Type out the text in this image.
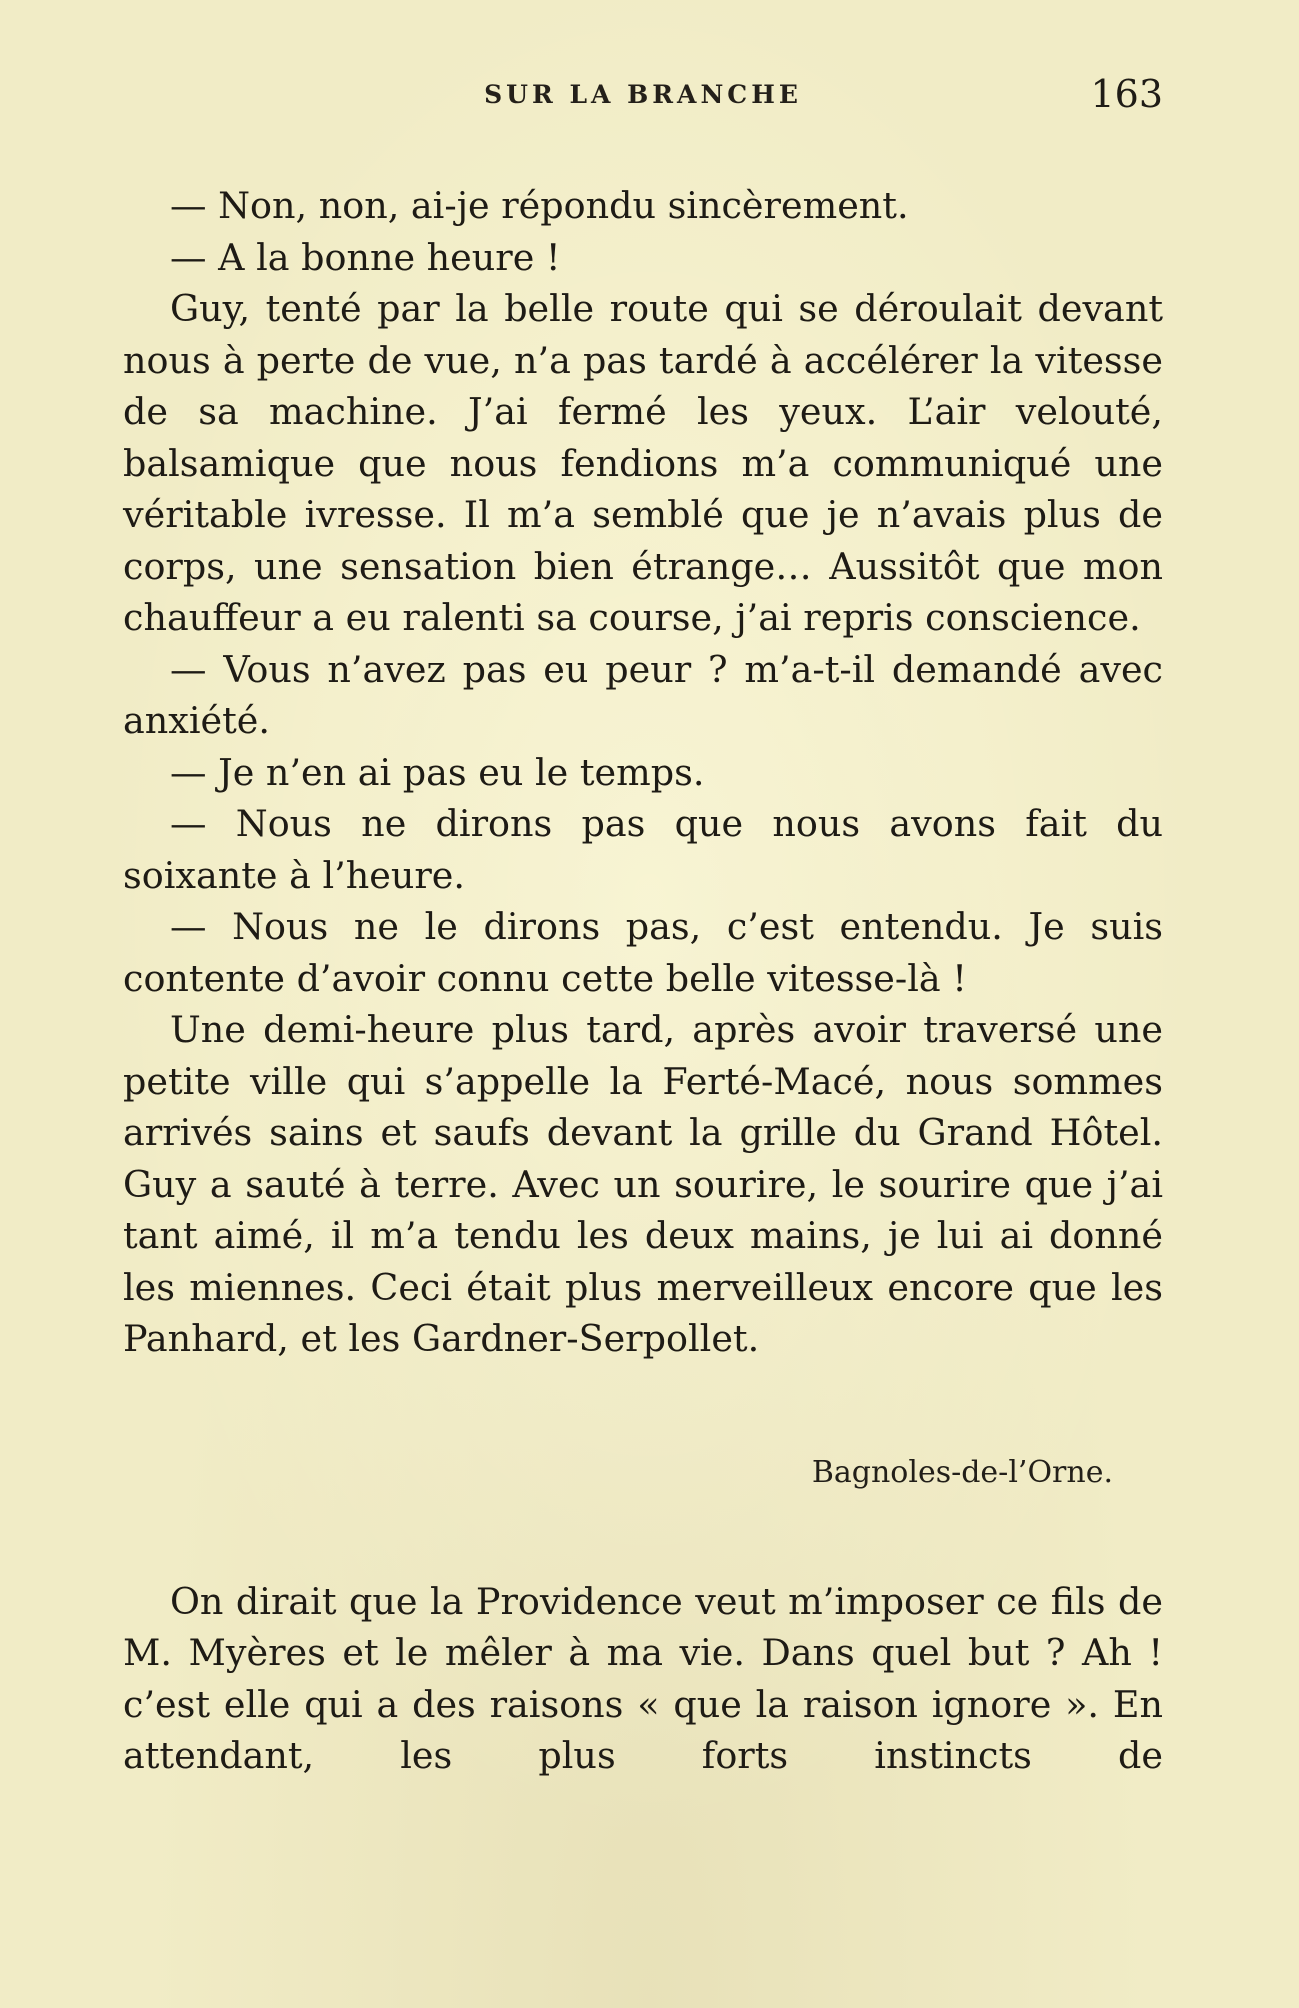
SUR LA BRANCHE	163

— Non, non, ai-je répondu sincèrement.

— A la bonne heure !

Guy, tenté par la belle route qui se déroulait devant nous à perte de vue, n’a pas tardé à accélérer la vitesse de sa machine. J’ai fermé les yeux. L’air velouté, balsamique que nous fendions m’a communiqué une véritable ivresse. Il m’a semblé que je n’avais plus de corps, une sensation bien étrange… Aussitôt que mon chauffeur a eu ralenti sa course, j’ai repris conscience.

— Vous n’avez pas eu peur ? m’a-t-il demandé avec anxiété.

— Je n’en ai pas eu le temps.

— Nous ne dirons pas que nous avons fait du soixante à l’heure.

— Nous ne le dirons pas, c’est entendu. Je suis contente d’avoir connu cette belle vitesse-là !

Une demi-heure plus tard, après avoir traversé une petite ville qui s’appelle la Ferté-Macé, nous sommes arrivés sains et saufs devant la grille du Grand Hôtel. Guy a sauté à terre. Avec un sourire, le sourire que j’ai tant aimé, il m’a tendu les deux mains, je lui ai donné les miennes. Ceci était plus merveilleux encore que les Panhard, et les Gardner-Serpollet.

Bagnoles-de-l’Orne.

On dirait que la Providence veut m’imposer ce fils de M. Myères et le mêler à ma vie. Dans quel but ? Ah ! c’est elle qui a des raisons « que la raison ignore ». En attendant, les plus forts instincts de
